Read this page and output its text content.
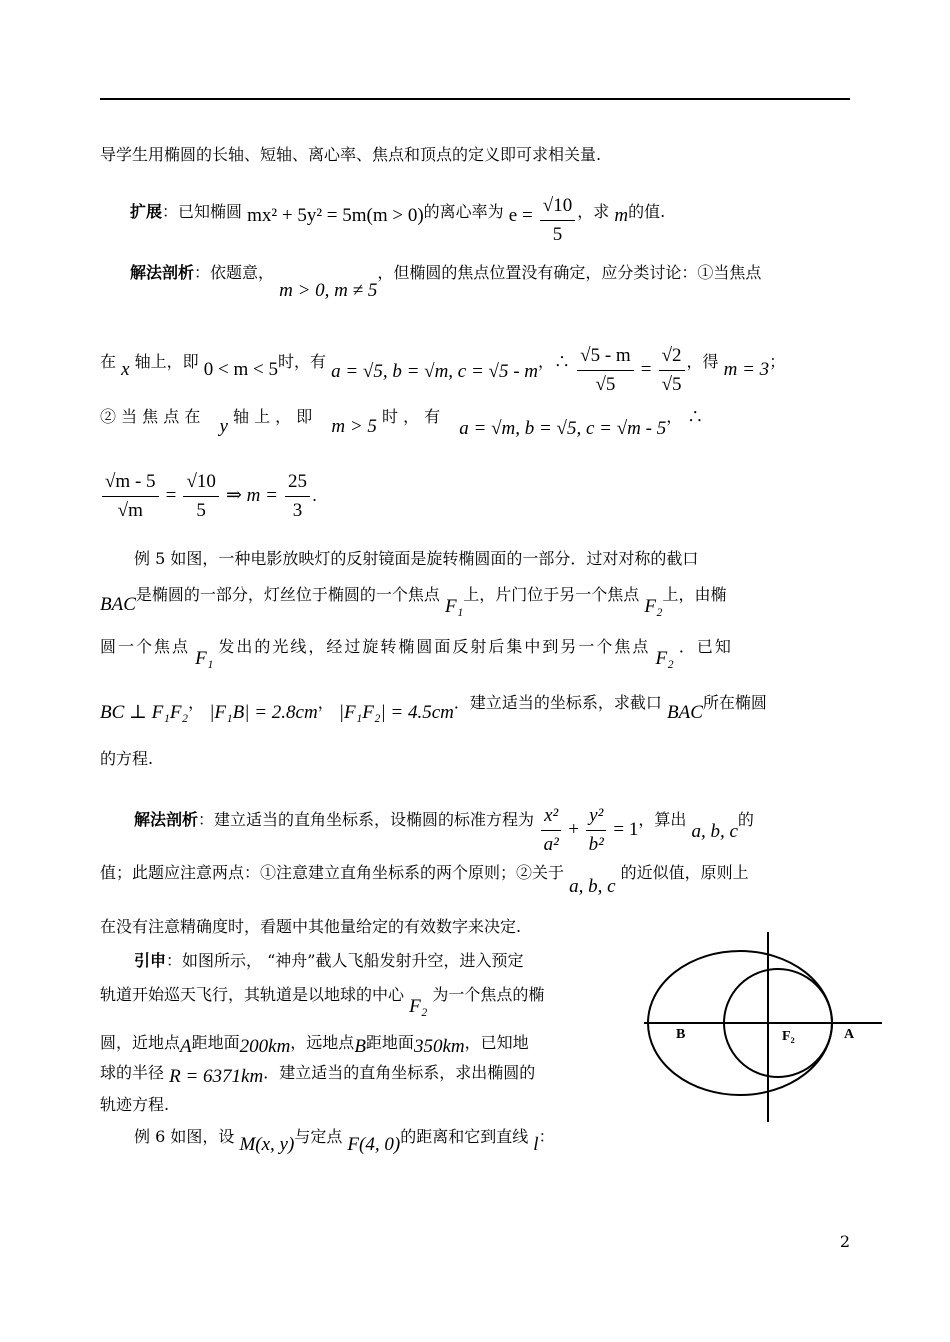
导学生用椭圆的长轴、短轴、离心率、焦点和顶点的定义即可求相关量.
扩展：已知椭圆 mx² + 5y² = 5m(m > 0)的离心率为 $e = \frac{√10}{5}$ ，求 m的值.
解法剖析：依题意， m > 0, m ≠ 5，但椭圆的焦点位置没有确定，应分类讨论：①当焦点
在 x 轴上，即 0 < m < 5时，有 a = √5, b = √m, c = √5 - m，∴ $\frac{√5 - m}{√5} = \frac{√2}{√5}$ ，得 m = 3；
② 当 焦 点 在 y 轴 上 ， 即 m > 5 时 ， 有 a = √m, b = √5, c = √m - 5， ∴
$\frac{√m - 5}{√m} = \frac{√10}{5}$ ⇒ $m = \frac{25}{3}$ .
例 5 如图，一种电影放映灯的反射镜面是旋转椭圆面的一部分．过对对称的截口
BAC是椭圆的一部分，灯丝位于椭圆的一个焦点 F₁上，片门位于另一个焦点 F₂上，由椭
圆一个焦点 F₁ 发出的光线，经过旋转椭圆面反射后集中到另一个焦点 F₂ ．已知
BC ⊥ F₁F₂， |F₁B| = 2.8cm， |F₁F₂| = 4.5cm．建立适当的坐标系，求截口 BAC所在椭圆
的方程.
解法剖析：建立适当的直角坐标系，设椭圆的标准方程为 $\frac{\text{x²}}{\text{a²}} + \frac{\text{y²}}{\text{b²}} = 1$，算出 a, b, c的
值；此题应注意两点：①注意建立直角坐标系的两个原则；②关于 a, b, c 的近似值，原则上
在没有注意精确度时，看题中其他量给定的有效数字来决定.
引申：如图所示， “神舟”截人飞船发射升空，进入预定
轨道开始巡天飞行，其轨道是以地球的中心 F₂ 为一个焦点的椭
圆，近地点A距地面200km，远地点B距地面350km，已知地
球的半径 R = 6371km．建立适当的直角坐标系，求出椭圆的
轨迹方程.
例 6 如图，设 M(x, y)与定点 F(4, 0)的距离和它到直线 l：
B	F₂	A
2
